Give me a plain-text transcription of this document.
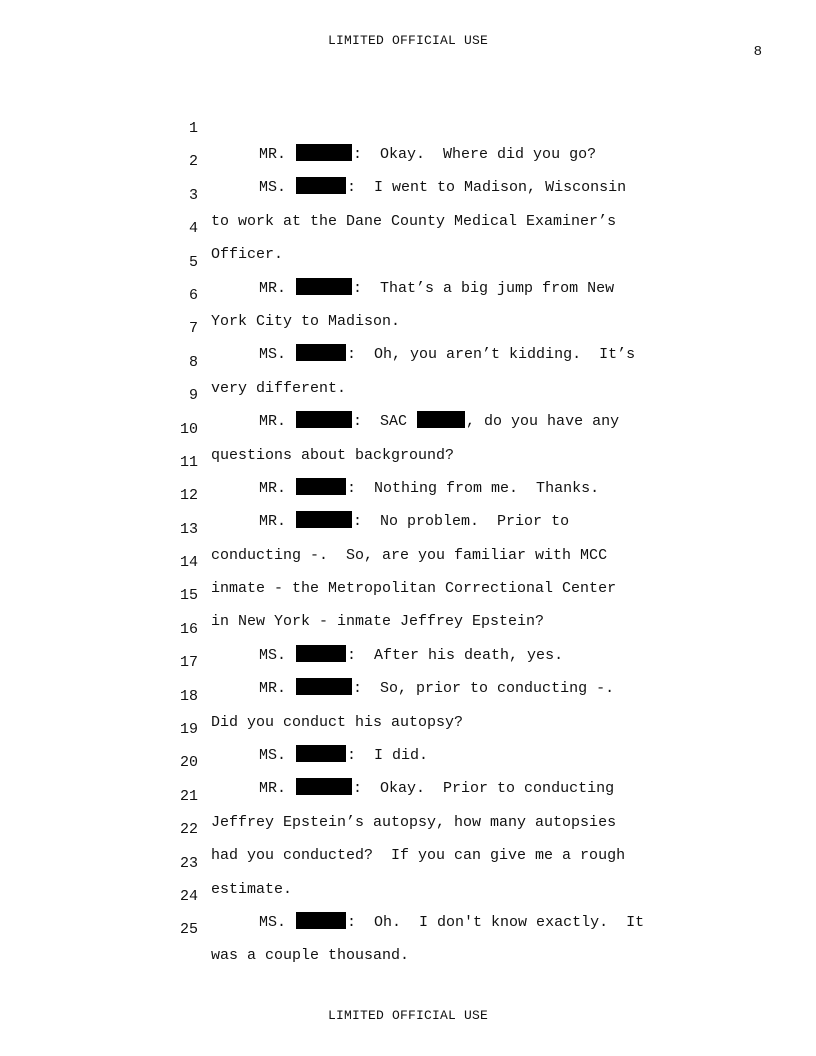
LIMITED OFFICIAL USE
8

1

MR.	:  Okay.  Where did you go?

2

MS.	:  I went to Madison, Wisconsin

3

to work at the Dane County Medical Examiner’s

4

Officer.

5

MR.	:  That’s a big jump from New

6

York City to Madison.

7

MS.	:  Oh, you aren’t kidding.  It’s

8

very different.

9

MR.	:  SAC	, do you have any

10

questions about background?

11

MR.	:  Nothing from me.  Thanks.

12

MR.	:  No problem.  Prior to

13

conducting -.  So, are you familiar with MCC

14

inmate - the Metropolitan Correctional Center

15

in New York - inmate Jeffrey Epstein?

16

MS.	:  After his death, yes.

17

MR.	:  So, prior to conducting -.

18

Did you conduct his autopsy?

19

MS.	:  I did.

20

MR.	:  Okay.  Prior to conducting

21

Jeffrey Epstein’s autopsy, how many autopsies

22

had you conducted?  If you can give me a rough

23

estimate.

24

MS.	:  Oh.  I don't know exactly.  It

25

was a couple thousand.

LIMITED OFFICIAL USE
